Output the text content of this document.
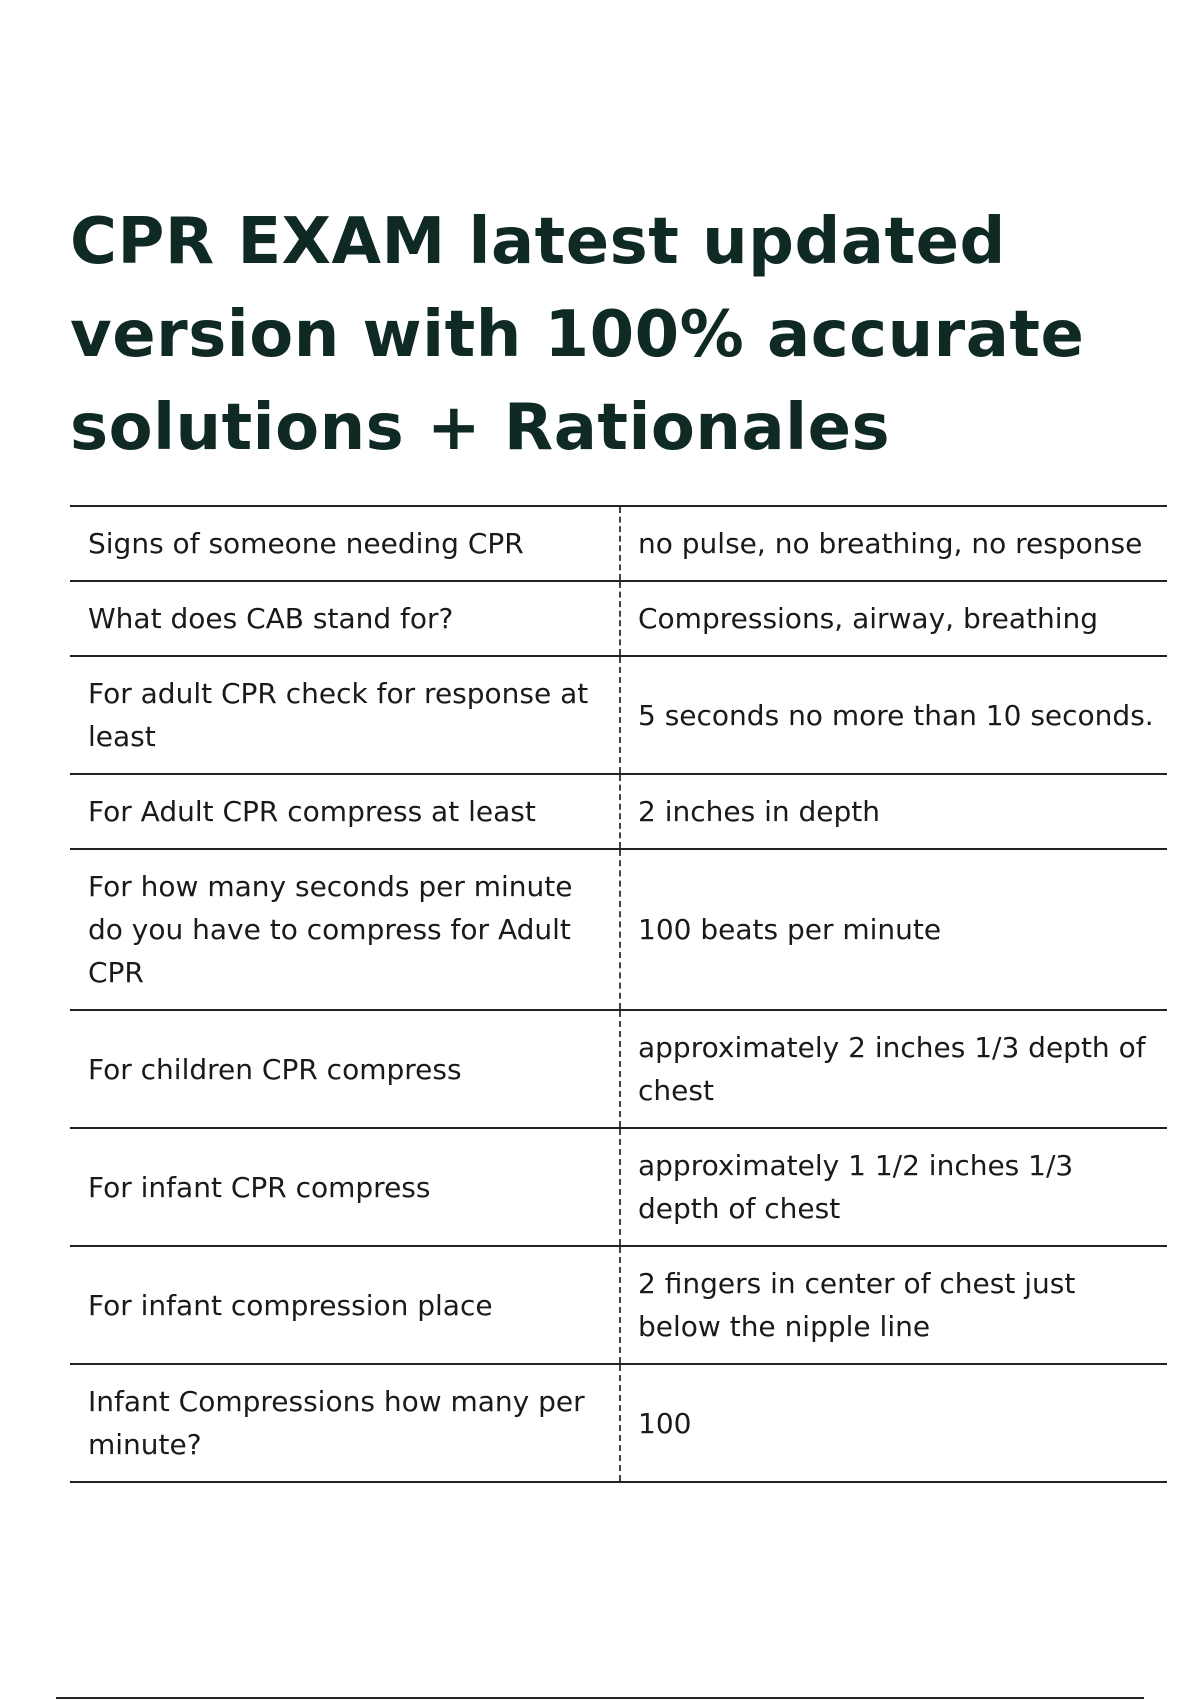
CPR EXAM latest updated version with 100% accurate solutions + Rationales
Signs of someone needing CPR	no pulse, no breathing, no response
What does CAB stand for?	Compressions, airway, breathing
For adult CPR check for response at least	5 seconds no more than 10 seconds.
For Adult CPR compress at least	2 inches in depth
For how many seconds per minute do you have to compress for Adult CPR	100 beats per minute
For children CPR compress	approximately 2 inches 1/3 depth of chest
For infant CPR compress	approximately 1 1/2 inches 1/3 depth of chest
For infant compression place	2 fingers in center of chest just below the nipple line
Infant Compressions how many per minute?	100
